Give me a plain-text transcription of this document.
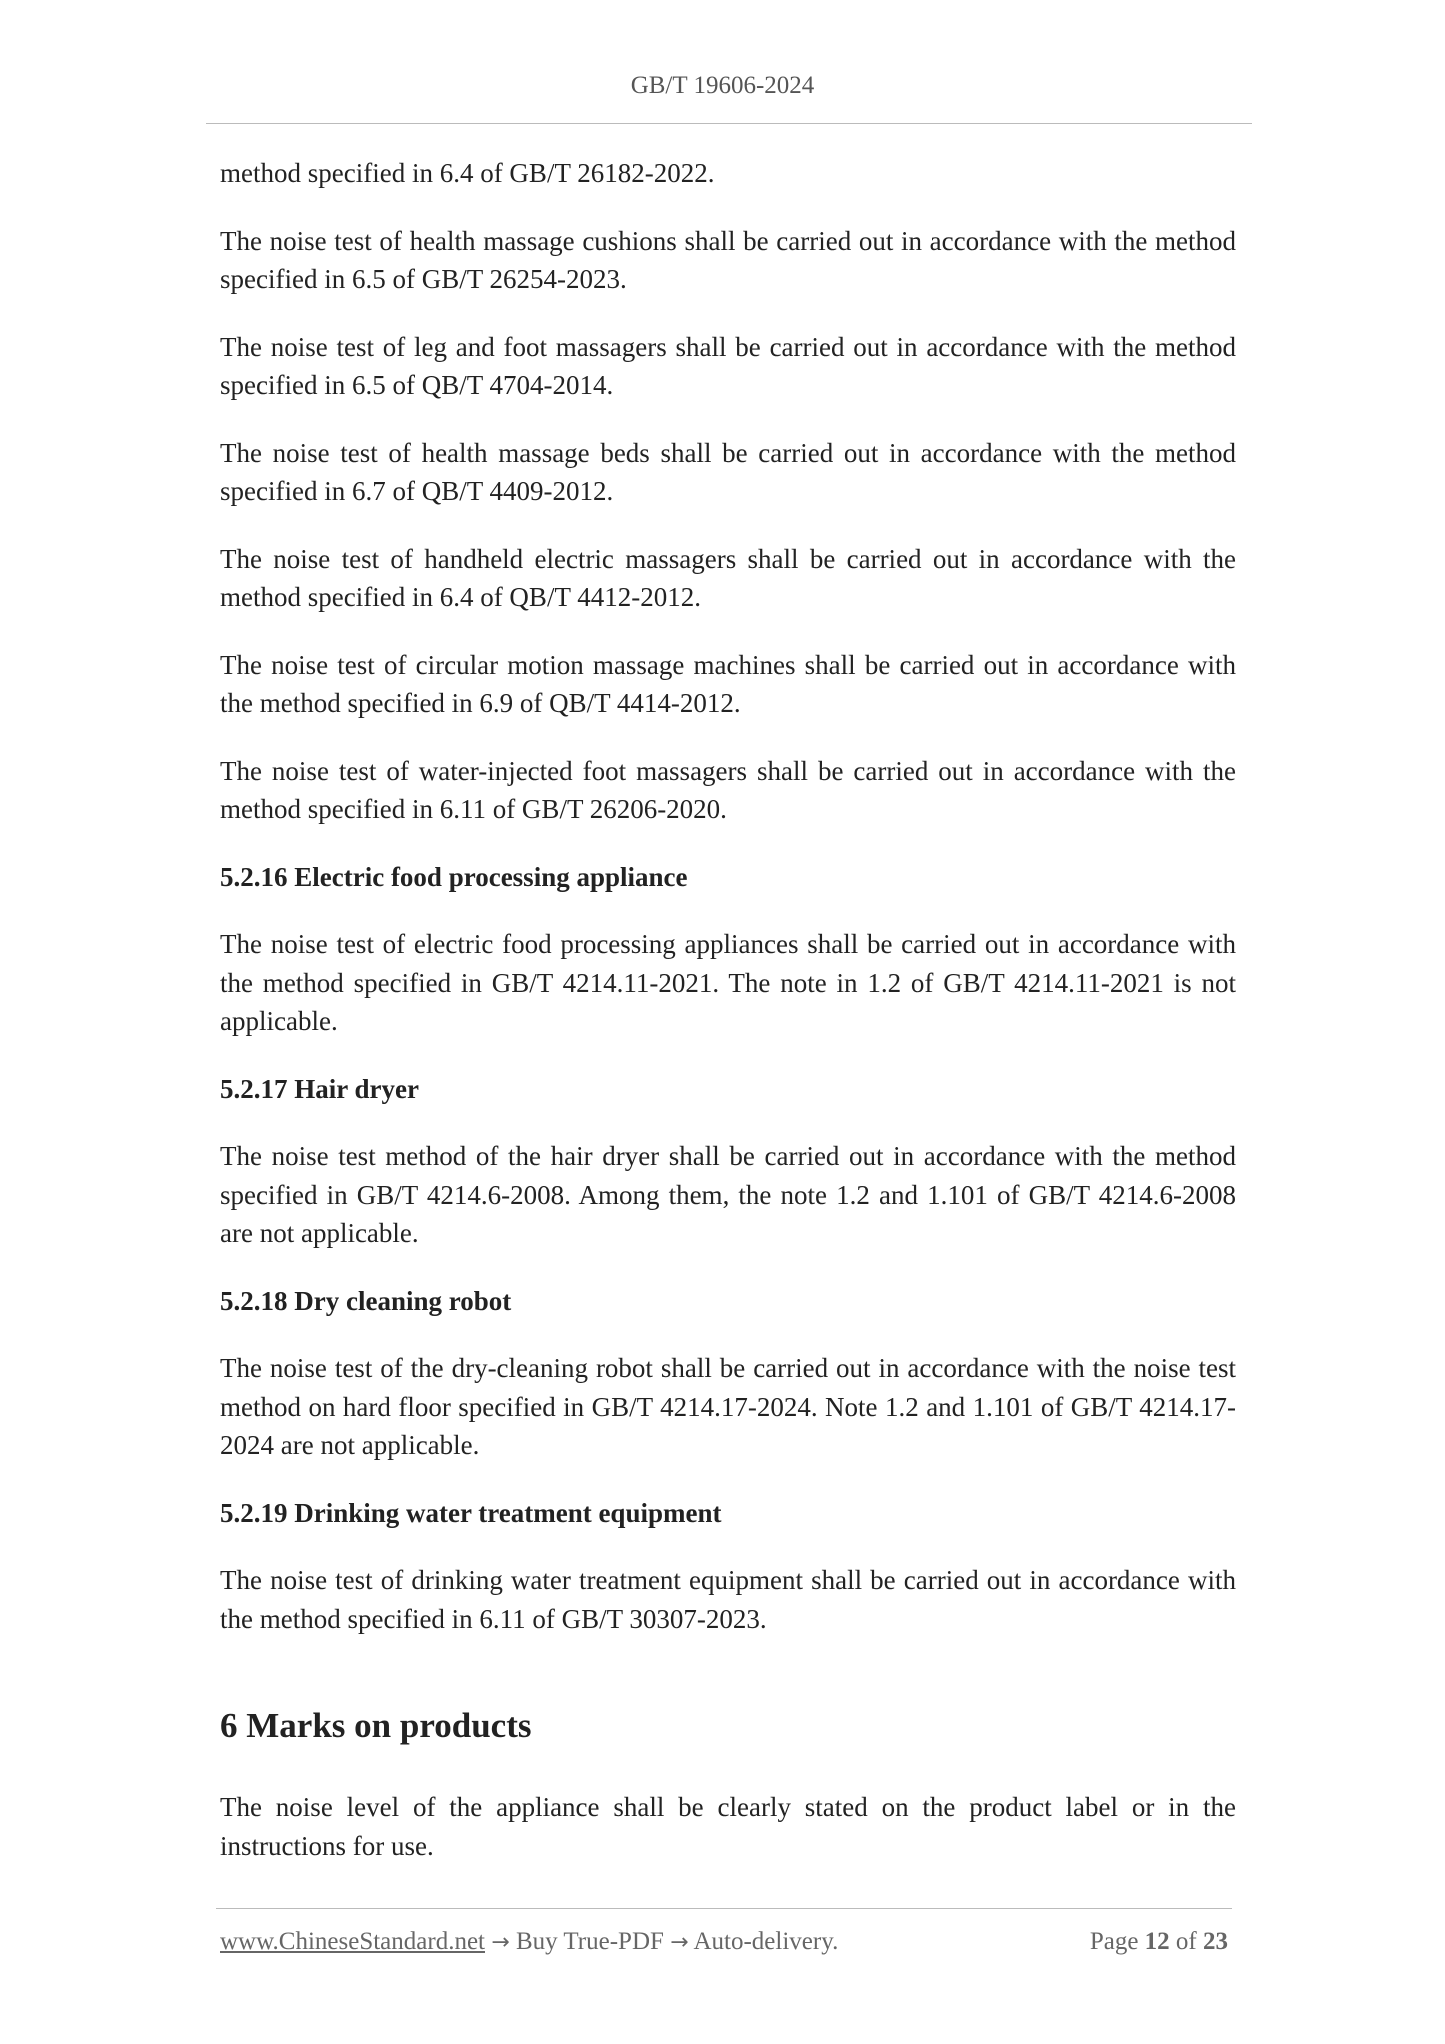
GB/T 19606-2024

method specified in 6.4 of GB/T 26182-2022.

The noise test of health massage cushions shall be carried out in accordance with the method specified in 6.5 of GB/T 26254-2023.

The noise test of leg and foot massagers shall be carried out in accordance with the method specified in 6.5 of QB/T 4704-2014.

The noise test of health massage beds shall be carried out in accordance with the method specified in 6.7 of QB/T 4409-2012.

The noise test of handheld electric massagers shall be carried out in accordance with the method specified in 6.4 of QB/T 4412-2012.

The noise test of circular motion massage machines shall be carried out in accordance with the method specified in 6.9 of QB/T 4414-2012.

The noise test of water-injected foot massagers shall be carried out in accordance with the method specified in 6.11 of GB/T 26206-2020.

5.2.16 Electric food processing appliance

The noise test of electric food processing appliances shall be carried out in accordance with the method specified in GB/T 4214.11-2021. The note in 1.2 of GB/T 4214.11-2021 is not applicable.

5.2.17 Hair dryer

The noise test method of the hair dryer shall be carried out in accordance with the method specified in GB/T 4214.6-2008. Among them, the note 1.2 and 1.101 of GB/T 4214.6-2008 are not applicable.

5.2.18 Dry cleaning robot

The noise test of the dry-cleaning robot shall be carried out in accordance with the noise test method on hard floor specified in GB/T 4214.17-2024. Note 1.2 and 1.101 of GB/T 4214.17-2024 are not applicable.

5.2.19 Drinking water treatment equipment

The noise test of drinking water treatment equipment shall be carried out in accordance with the method specified in 6.11 of GB/T 30307-2023.

6 Marks on products

The noise level of the appliance shall be clearly stated on the product label or in the instructions for use.

www.ChineseStandard.net → Buy True-PDF → Auto-delivery.	Page 12 of 23
